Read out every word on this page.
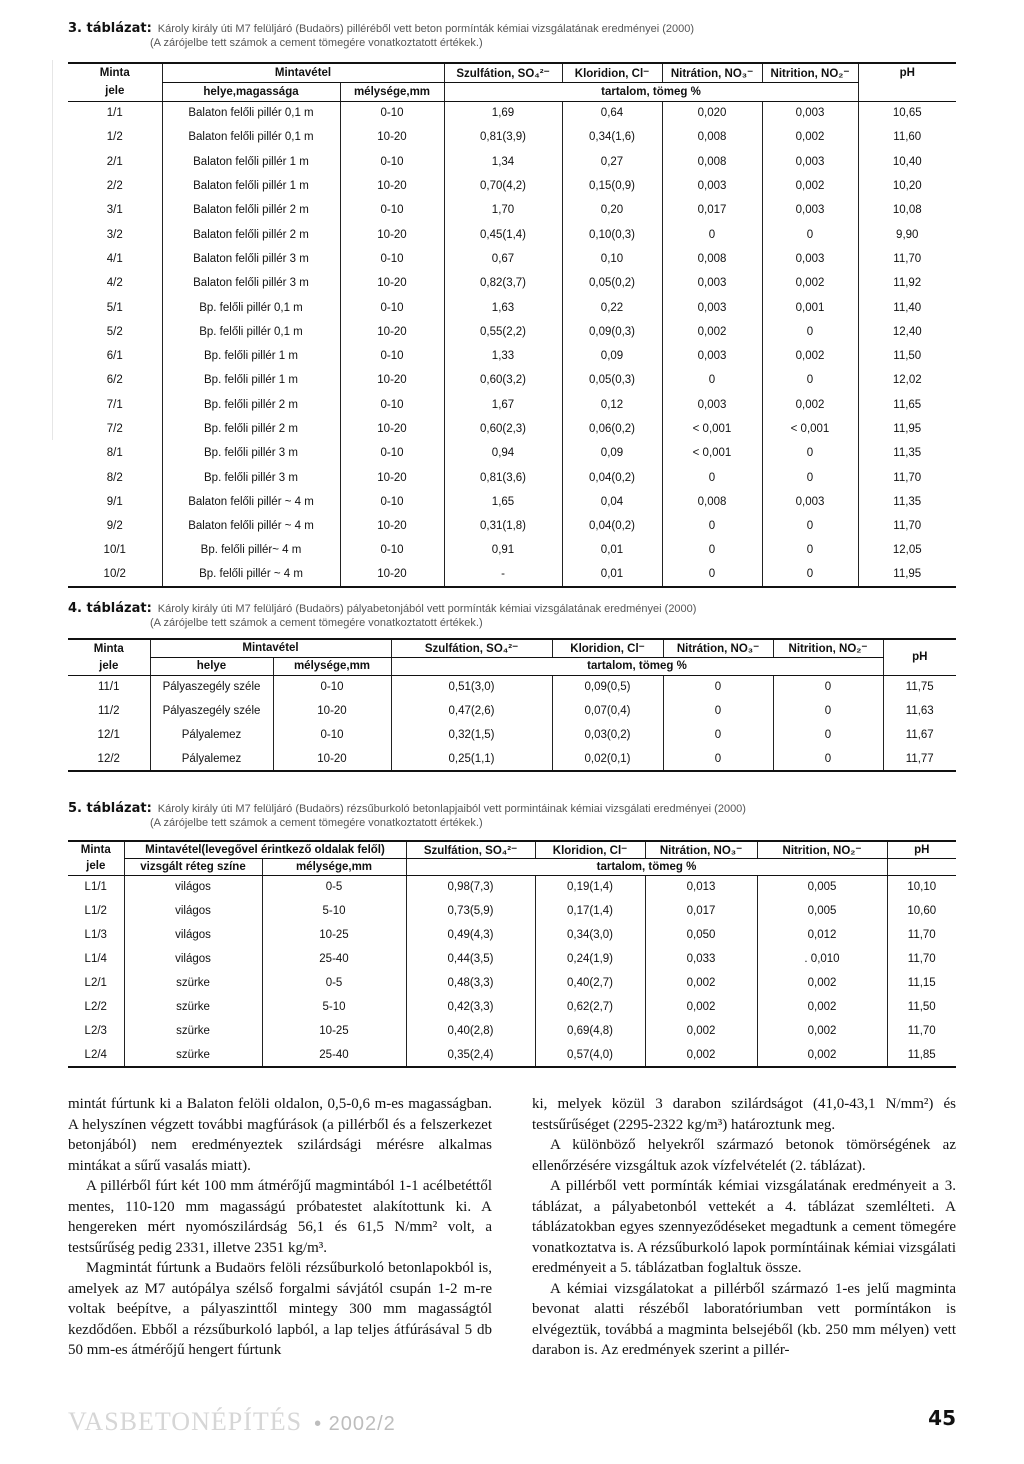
3. táblázat: Károly király úti M7 felüljáró (Budaörs) pilléréből vett beton pormínták kémiai vizsgálatának eredményei (2000)
(A zárójelbe tett számok a cement tömegére vonatkoztatott értékek.)
Minta	Mintavétel		Szulfátion, SO₄²⁻	Kloridion, Cl⁻	Nitrátion, NO₃⁻	Nitrition, NO₂⁻	pH
jele	helye,magassága	mélysége,mm	tartalom, tömeg %				
1/1	Balaton felőli pillér 0,1 m	0-10	1,69	0,64	0,020	0,003	10,65
1/2	Balaton felőli pillér 0,1 m	10-20	0,81(3,9)	0,34(1,6)	0,008	0,002	11,60
2/1	Balaton felőli pillér 1 m	0-10	1,34	0,27	0,008	0,003	10,40
2/2	Balaton felőli pillér 1 m	10-20	0,70(4,2)	0,15(0,9)	0,003	0,002	10,20
3/1	Balaton felőli pillér 2 m	0-10	1,70	0,20	0,017	0,003	10,08
3/2	Balaton felőli pillér 2 m	10-20	0,45(1,4)	0,10(0,3)	0	0	9,90
4/1	Balaton felőli pillér 3 m	0-10	0,67	0,10	0,008	0,003	11,70
4/2	Balaton felőli pillér 3 m	10-20	0,82(3,7)	0,05(0,2)	0,003	0,002	11,92
5/1	Bp. felőli pillér 0,1 m	0-10	1,63	0,22	0,003	0,001	11,40
5/2	Bp. felőli pillér 0,1 m	10-20	0,55(2,2)	0,09(0,3)	0,002	0	12,40
6/1	Bp. felőli pillér 1 m	0-10	1,33	0,09	0,003	0,002	11,50
6/2	Bp. felőli pillér 1 m	10-20	0,60(3,2)	0,05(0,3)	0	0	12,02
7/1	Bp. felőli pillér 2 m	0-10	1,67	0,12	0,003	0,002	11,65
7/2	Bp. felőli pillér 2 m	10-20	0,60(2,3)	0,06(0,2)	< 0,001	< 0,001	11,95
8/1	Bp. felőli pillér 3 m	0-10	0,94	0,09	< 0,001	0	11,35
8/2	Bp. felőli pillér 3 m	10-20	0,81(3,6)	0,04(0,2)	0	0	11,70
9/1	Balaton felőli pillér ~ 4 m	0-10	1,65	0,04	0,008	0,003	11,35
9/2	Balaton felőli pillér ~ 4 m	10-20	0,31(1,8)	0,04(0,2)	0	0	11,70
10/1	Bp. felőli pillér~ 4 m	0-10	0,91	0,01	0	0	12,05
10/2	Bp. felőli pillér ~ 4 m	10-20	-	0,01	0	0	11,95
4. táblázat: Károly király úti M7 felüljáró (Budaörs) pályabetonjából vett pormínták kémiai vizsgálatának eredményei (2000)
(A zárójelbe tett számok a cement tömegére vonatkoztatott értékek.)
Minta	Mintavétel		Szulfátion, SO₄²⁻	Kloridion, Cl⁻	Nitrátion, NO₃⁻	Nitrition, NO₂⁻	pH
jele	helye	mélysége,mm	tartalom, tömeg %				
11/1	Pályaszegély széle	0-10	0,51(3,0)	0,09(0,5)	0	0	11,75
11/2	Pályaszegély széle	10-20	0,47(2,6)	0,07(0,4)	0	0	11,63
12/1	Pályalemez	0-10	0,32(1,5)	0,03(0,2)	0	0	11,67
12/2	Pályalemez	10-20	0,25(1,1)	0,02(0,1)	0	0	11,77
5. táblázat: Károly király úti M7 felüljáró (Budaörs) rézsűburkoló betonlapjaiból vett pormintáinak kémiai vizsgálati eredményei (2000)
(A zárójelbe tett számok a cement tömegére vonatkoztatott értékek.)
Minta	Mintavétel(levegővel érintkező oldalak felől)		Szulfátion, SO₄²⁻	Kloridion, Cl⁻	Nitrátion, NO₃⁻	Nitrition, NO₂⁻	pH
jele	vizsgált réteg színe	mélysége,mm	tartalom, tömeg %				
L1/1	világos	0-5	0,98(7,3)	0,19(1,4)	0,013	0,005	10,10
L1/2	világos	5-10	0,73(5,9)	0,17(1,4)	0,017	0,005	10,60
L1/3	világos	10-25	0,49(4,3)	0,34(3,0)	0,050	0,012	11,70
L1/4	világos	25-40	0,44(3,5)	0,24(1,9)	0,033	. 0,010	11,70
L2/1	szürke	0-5	0,48(3,3)	0,40(2,7)	0,002	0,002	11,15
L2/2	szürke	5-10	0,42(3,3)	0,62(2,7)	0,002	0,002	11,50
L2/3	szürke	10-25	0,40(2,8)	0,69(4,8)	0,002	0,002	11,70
L2/4	szürke	25-40	0,35(2,4)	0,57(4,0)	0,002	0,002	11,85

mintát fúrtunk ki a Balaton felöli oldalon, 0,5-0,6 m-es magasságban. A helyszínen végzett további magfúrások (a pillérből és a felszerkezet betonjából) nem eredményeztek szilárdsági mérésre alkalmas mintákat a sűrű vasalás miatt).

A pillérből fúrt két 100 mm átmérőjű magmintából 1-1 acélbetéttől mentes, 110-120 mm magasságú próbatestet alakítottunk ki. A hengereken mért nyomószilárdság 56,1 és 61,5 N/mm² volt, a testsűrűség pedig 2331, illetve 2351 kg/m³.

Magmintát fúrtunk a Budaörs felöli rézsűburkoló betonlapokból is, amelyek az M7 autópálya szélső forgalmi sávjától csupán 1-2 m-re voltak beépítve, a pályaszinttől mintegy 300 mm magasságtól kezdődően. Ebből a rézsűburkoló lapból, a lap teljes átfúrásával 5 db 50 mm-es átmérőjű hengert fúrtunk

ki, melyek közül 3 darabon szilárdságot (41,0-43,1 N/mm²) és testsűrűséget (2295-2322 kg/m³) határoztunk meg.

A különböző helyekről származó betonok tömörségének az ellenőrzésére vizsgáltuk azok vízfelvételét (2. táblázat).

A pillérből vett pormínták kémiai vizsgálatának eredményeit a 3. táblázat, a pályabetonból vettekét a 4. táblázat szemlélteti. A táblázatokban egyes szennyeződéseket megadtunk a cement tömegére vonatkoztatva is. A rézsűburkoló lapok pormíntáinak kémiai vizsgálati eredményeit a 5. táblázatban foglaltuk össze.

A kémiai vizsgálatokat a pillérből származó 1-es jelű magminta bevonat alatti részéből laboratóriumban vett pormíntákon is elvégeztük, továbbá a magminta belsejéből (kb. 250 mm mélyen) vett darabon is. Az eredmények szerint a pillér-

VASBETONÉPÍTÉS • 2002/2	45
